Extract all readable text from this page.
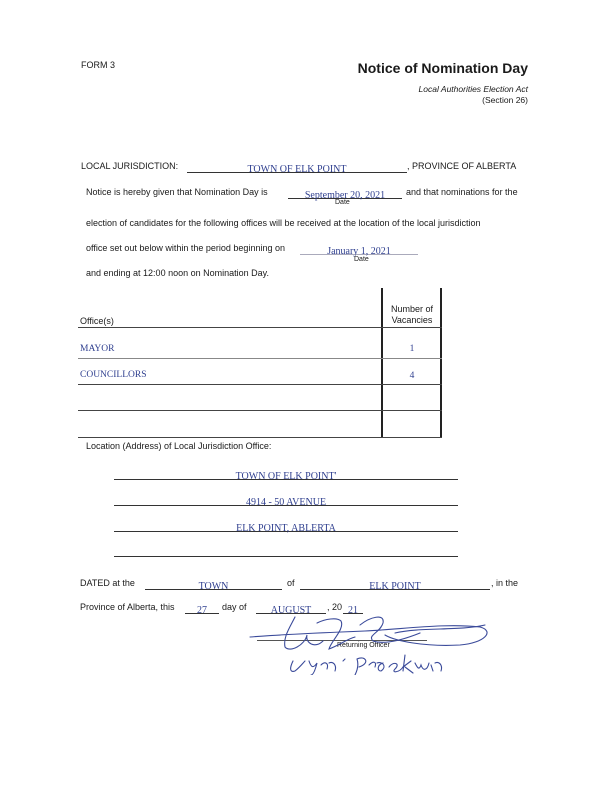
FORM 3	Notice of Nomination Day
Local Authorities Election Act
(Section 26)
LOCAL JURISDICTION:	TOWN OF ELK POINT	, PROVINCE OF ALBERTA
Notice is hereby given that Nomination Day is	September 20, 2021
Date
and that nominations for the
election of candidates for the following offices will be received at the location of the local jurisdiction
office set out below within the period beginning on	January 1, 2021
Date
and ending at 12:00 noon on Nomination Day.
Office(s)
Number of
Vacancies
MAYOR	1
COUNCILLORS	4
Location (Address) of Local Jurisdiction Office:
TOWN OF ELK POINT'
4914 - 50 AVENUE
ELK POINT, ABLERTA
DATED at the	TOWN	of	ELK POINT	, in the
Province of Alberta, this	27	day of	AUGUST	, 20 21
Returning Officer
